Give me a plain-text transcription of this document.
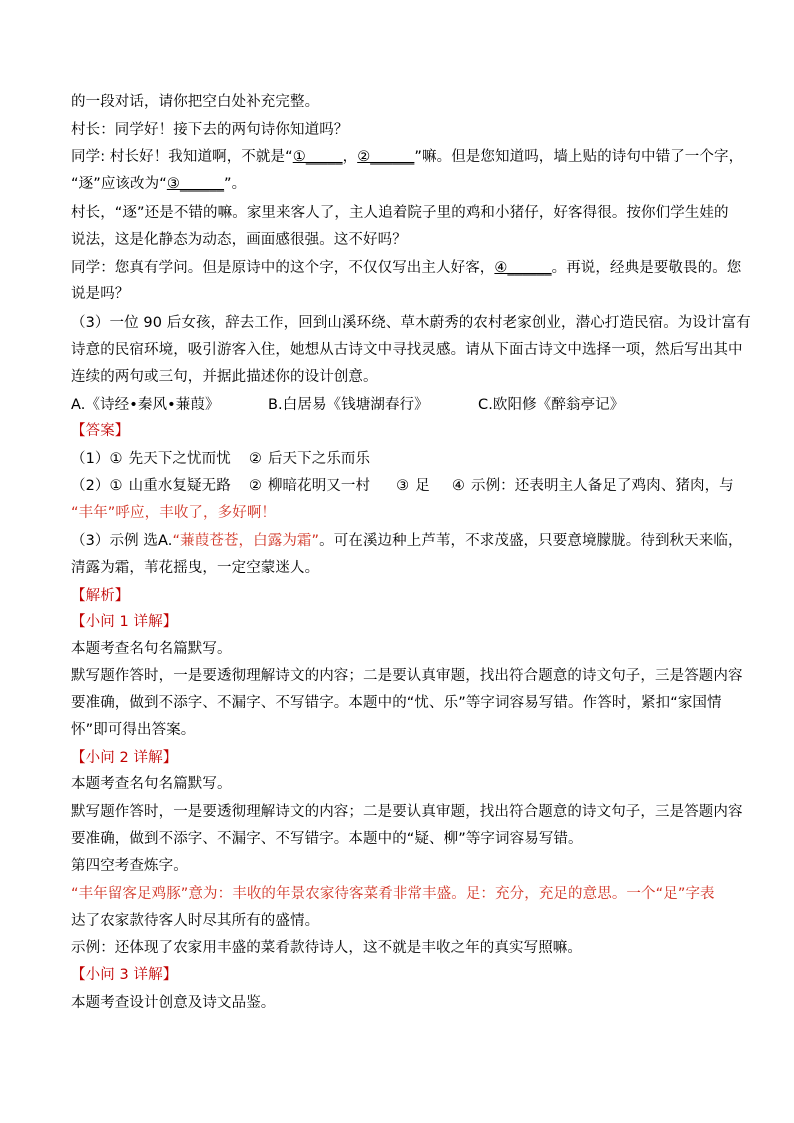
的一段对话，请你把空白处补充完整。

村长：同学好！接下去的两句诗你知道吗？

同学: 村长好！我知道啊，不就是“①_____，②______”嘛。但是您知道吗，墙上贴的诗句中错了一个字，

“逐”应该改为“③______”。

村长，“逐”还是不错的嘛。家里来客人了，主人追着院子里的鸡和小猪仔，好客得很。按你们学生娃的

说法，这是化静态为动态，画面感很强。这不好吗？

同学：您真有学问。但是原诗中的这个字，不仅仅写出主人好客，④______。再说，经典是要敬畏的。您

说是吗？

（3）一位 90 后女孩，辞去工作，回到山溪环绕、草木蔚秀的农村老家创业，潜心打造民宿。为设计富有

诗意的民宿环境，吸引游客入住，她想从古诗文中寻找灵感。请从下面古诗文中选择一项，然后写出其中

连续的两句或三句，并据此描述你的设计创意。

A.《诗经•秦风•蒹葭》	B.白居易《钱塘湖春行》	C.欧阳修《醉翁亭记》

【答案】

（1）① 先天下之忧而忧 ② 后天下之乐而乐

（2）① 山重水复疑无路 ② 柳暗花明又一村 ③ 足 ④ 示例：还表明主人备足了鸡肉、猪肉，与

“丰年”呼应，丰收了，多好啊！

（3）示例 选A.“蒹葭苍苍，白露为霜”。可在溪边种上芦苇，不求茂盛，只要意境朦胧。待到秋天来临，

清露为霜，苇花摇曳，一定空蒙迷人。

【解析】

【小问 1 详解】

本题考查名句名篇默写。

默写题作答时，一是要透彻理解诗文的内容；二是要认真审题，找出符合题意的诗文句子，三是答题内容

要准确，做到不添字、不漏字、不写错字。本题中的“忧、乐”等字词容易写错。作答时，紧扣“家国情

怀”即可得出答案。

【小问 2 详解】

本题考查名句名篇默写。

默写题作答时，一是要透彻理解诗文的内容；二是要认真审题，找出符合题意的诗文句子，三是答题内容

要准确，做到不添字、不漏字、不写错字。本题中的“疑、柳”等字词容易写错。

第四空考查炼字。

“丰年留客足鸡豚”意为：丰收的年景农家待客菜肴非常丰盛。足：充分，充足的意思。一个“足”字表

达了农家款待客人时尽其所有的盛情。

示例：还体现了农家用丰盛的菜肴款待诗人，这不就是丰收之年的真实写照嘛。

【小问 3 详解】

本题考查设计创意及诗文品鉴。
